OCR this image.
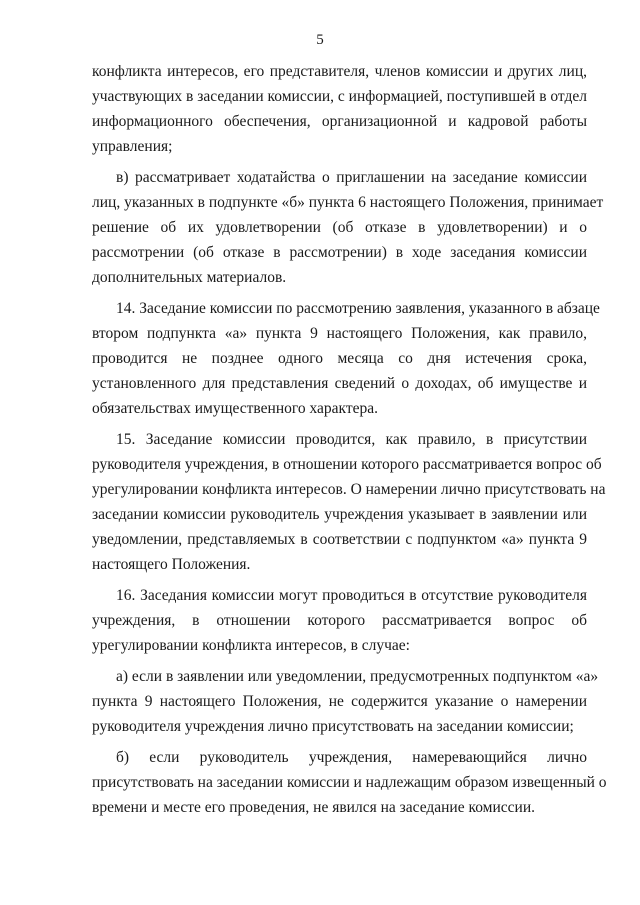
5
конфликта интересов, его представителя, членов комиссии и других лиц,
участвующих в заседании комиссии, с информацией, поступившей в отдел
информационного обеспечения, организационной и кадровой работы
управления;
в) рассматривает ходатайства о приглашении на заседание комиссии
лиц, указанных в подпункте «б» пункта 6 настоящего Положения, принимает
решение об их удовлетворении (об отказе в удовлетворении) и о
рассмотрении (об отказе в рассмотрении) в ходе заседания комиссии
дополнительных материалов.
14. Заседание комиссии по рассмотрению заявления, указанного в абзаце
втором подпункта «а» пункта 9 настоящего Положения, как правило,
проводится не позднее одного месяца со дня истечения срока,
установленного для представления сведений о доходах, об имуществе и
обязательствах имущественного характера.
15. Заседание комиссии проводится, как правило, в присутствии
руководителя учреждения, в отношении которого рассматривается вопрос об
урегулировании конфликта интересов. О намерении лично присутствовать на
заседании комиссии руководитель учреждения указывает в заявлении или
уведомлении, представляемых в соответствии с подпунктом «а» пункта 9
настоящего Положения.
16. Заседания комиссии могут проводиться в отсутствие руководителя
учреждения, в отношении которого рассматривается вопрос об
урегулировании конфликта интересов, в случае:
а) если в заявлении или уведомлении, предусмотренных подпунктом «а»
пункта 9 настоящего Положения, не содержится указание о намерении
руководителя учреждения лично присутствовать на заседании комиссии;
б) если руководитель учреждения, намеревающийся лично
присутствовать на заседании комиссии и надлежащим образом извещенный о
времени и месте его проведения, не явился на заседание комиссии.
